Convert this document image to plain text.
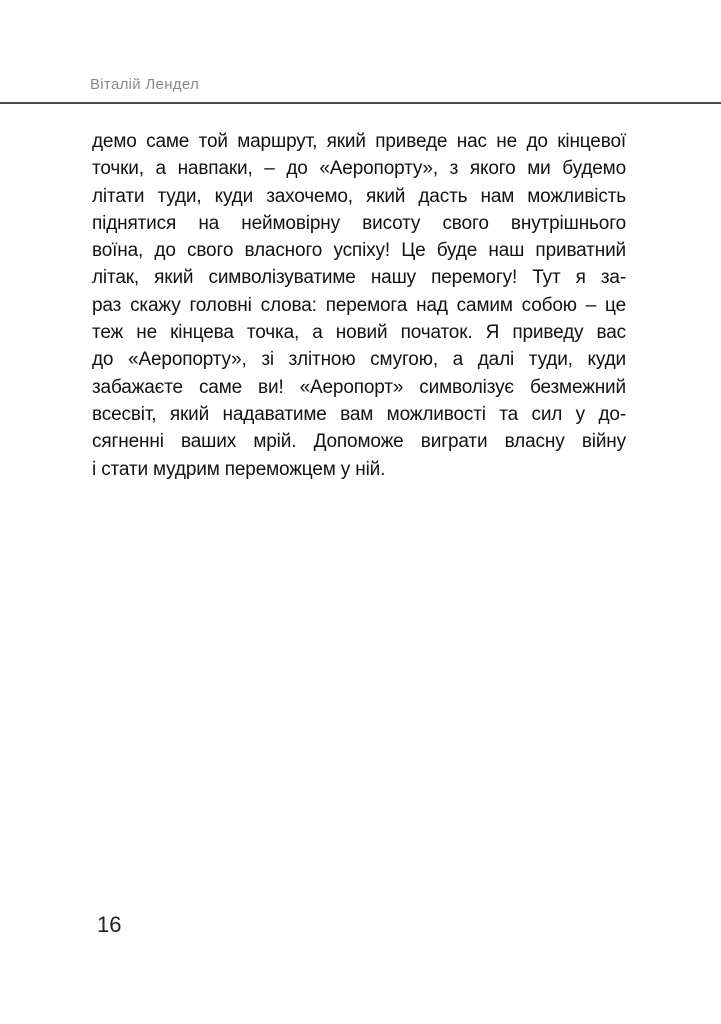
Віталій Лендел
демо саме той маршрут, який приведе нас не до кінцевої
точки, а навпаки, – до «Аеропорту», з якого ми будемо
літати туди, куди захочемо, який дасть нам можливість
піднятися на неймовірну висоту свого внутрішнього
воїна, до свого власного успіху! Це буде наш приватний
літак, який символізуватиме нашу перемогу! Тут я за-
раз скажу головні слова: перемога над самим собою – це
теж не кінцева точка, а новий початок. Я приведу вас
до «Аеропорту», зі злітною смугою, а далі туди, куди
забажаєте саме ви! «Аеропорт» символізує безмежний
всесвіт, який надаватиме вам можливості та сил у до-
сягненні ваших мрій. Допоможе виграти власну війну
і стати мудрим переможцем у ній.
16
